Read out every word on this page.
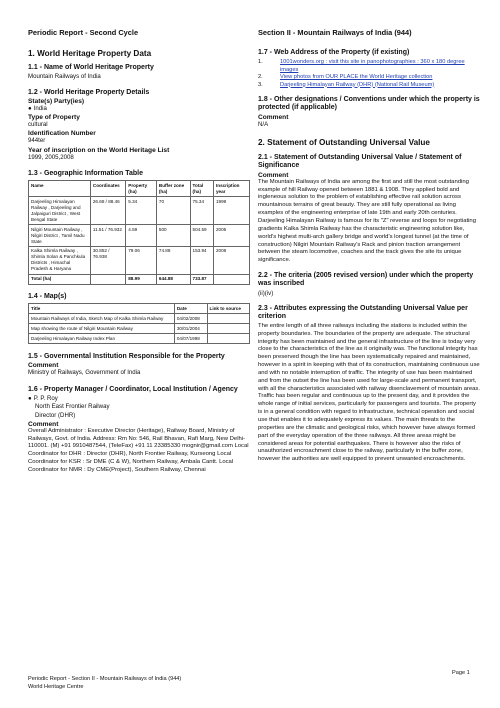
Periodic Report - Second Cycle
1. World Heritage Property Data
1.1 - Name of World Heritage Property
Mountain Railways of India
1.2 - World Heritage Property Details
State(s) Party(ies)
● India
Type of Property
cultural
Identification Number
944ter
Year of inscription on the World Heritage List
1999, 2005,2008
1.3 - Geographic Information Table
Name	Coordinates	Property (ha)	Buffer zone (ha)	Total (ha)	Inscription year
Darjeeling Himalayan Railway , Darjeeling and Jalpaiguri District , West Bengal State	26.68 / 88.46	5.34	70	75.34	1999
Nilgiri Mountain Railway , Nilgiri District , Tamil Nadu State	11.51 / 76.932	4.59	500	504.59	2005
Kalka Shimla Railway , Shimla Solan & Panchkula Districts , Himachal Pradesh & Haryana	30.852 / 76.938	79.06	74.88	153.94	2008
Total (ha)		88.99	644.88	733.87	
1.4 - Map(s)
Title	Date	Link to source
Mountain Railways of India, Sketch Map of Kalka Shimla Railway	04/02/2008	
Map showing the route of Nilgiri Mountain Railway	30/01/2004	
Darjeeling Himalayan Railway Index Plan	04/07/1998	
1.5 - Governmental Institution Responsible for the Property
Comment
Ministry of Railways, Government of India
1.6 - Property Manager / Coordinator, Local Institution / Agency
● P. P. Roy
North East Frontier Railway
Director (DHR)
Comment
Overall Administrator : Executive Director (Heritage), Railway Board, Ministry of Railways, Govt. of India. Address: Rm No: 546, Rail Bhavan, Rafi Marg, New Delhi-110001. (M) +91 9910487544, (TeleFax) +91 11 23385330 mognir@gmail.com Local Coordinator for DHR : Director (DHR), North Frontier Railway, Kurseong Local Coordinator for KSR : Sr DME (C & W), Northern Railway, Ambala Cantt. Local Coordinator for NMR : Dy CME(Project), Southern Railway, Chennai
Section II - Mountain Railways of India (944)
1.7 - Web Address of the Property (if existing)
1.	1001wonders.org : visit this site in panophotographies : 360 x 180 degree images
2.	View photos from OUR PLACE the World Heritage collection
3.	Darjeeling Himalayan Railway (DHR) (National Rail Museum)
1.8 - Other designations / Conventions under which the property is protected (if applicable)
Comment
N/A
2. Statement of Outstanding Universal Value
2.1 - Statement of Outstanding Universal Value / Statement of Significance
Comment
The Mountain Railways of India are among the first and still the most outstanding example of hill Railway opened between 1881 & 1908. They applied bold and ingleneous solution to the problem of establishing effective rail solution across mountainous terrains of great beauty. They are still fully operational as living examples of the engineering enterprise of late 19th and early 20th centuries. Darjeeling Himalayan Railway is famous for its "Z" reverse and loops for negotiating gradients Kalka Shimla Railway has the characteristic engineering solution like, world's highest multi-arch gallery bridge and world's longest tunnel (at the time of construction) Nilgiri Mountain Railway's Rack and pinion traction arrangement between the steam locomotive, coaches and the track gives the site its unique significance.
2.2 - The criteria (2005 revised version) under which the property was inscribed
(ii)(iv)
2.3 - Attributes expressing the Outstanding Universal Value per criterion
The entire length of all three railways including the stations is included within the property boundaries. The boundaries of the property are adequate. The structural integrity has been maintained and the general infrastructure of the line is today very close to the characteristics of the line as it originally was. The functional integrity has been preserved though the line has been systematically repaired and maintained, however in a spirit in keeping with that of its construction, maintaining continuous use and with no notable interruption of traffic. The integrity of use has been maintained and from the outset the line has been used for large-scale and permanent transport, with all the characteristics associated with railway disenclavement of mountain areas. Traffic has been regular and continuous up to the present day, and it provides the whole range of initial services, particularly for passengers and tourists. The property is in a general condition with regard to infrastructure, technical operation and social use that enables it to adequately express its values. The main threats to the properties are the climatic and geological risks, which however have always formed part of the everyday operation of the three railways. All three areas might be considered areas for potential earthquakes. There is however also the risks of unauthorized encroachment close to the railway, particularly in the buffer zone, however the authorities are well equipped to prevent unwanted encroachments.
Page 1
Periodic Report - Section II - Mountain Railways of India (944)
World Heritage Centre
